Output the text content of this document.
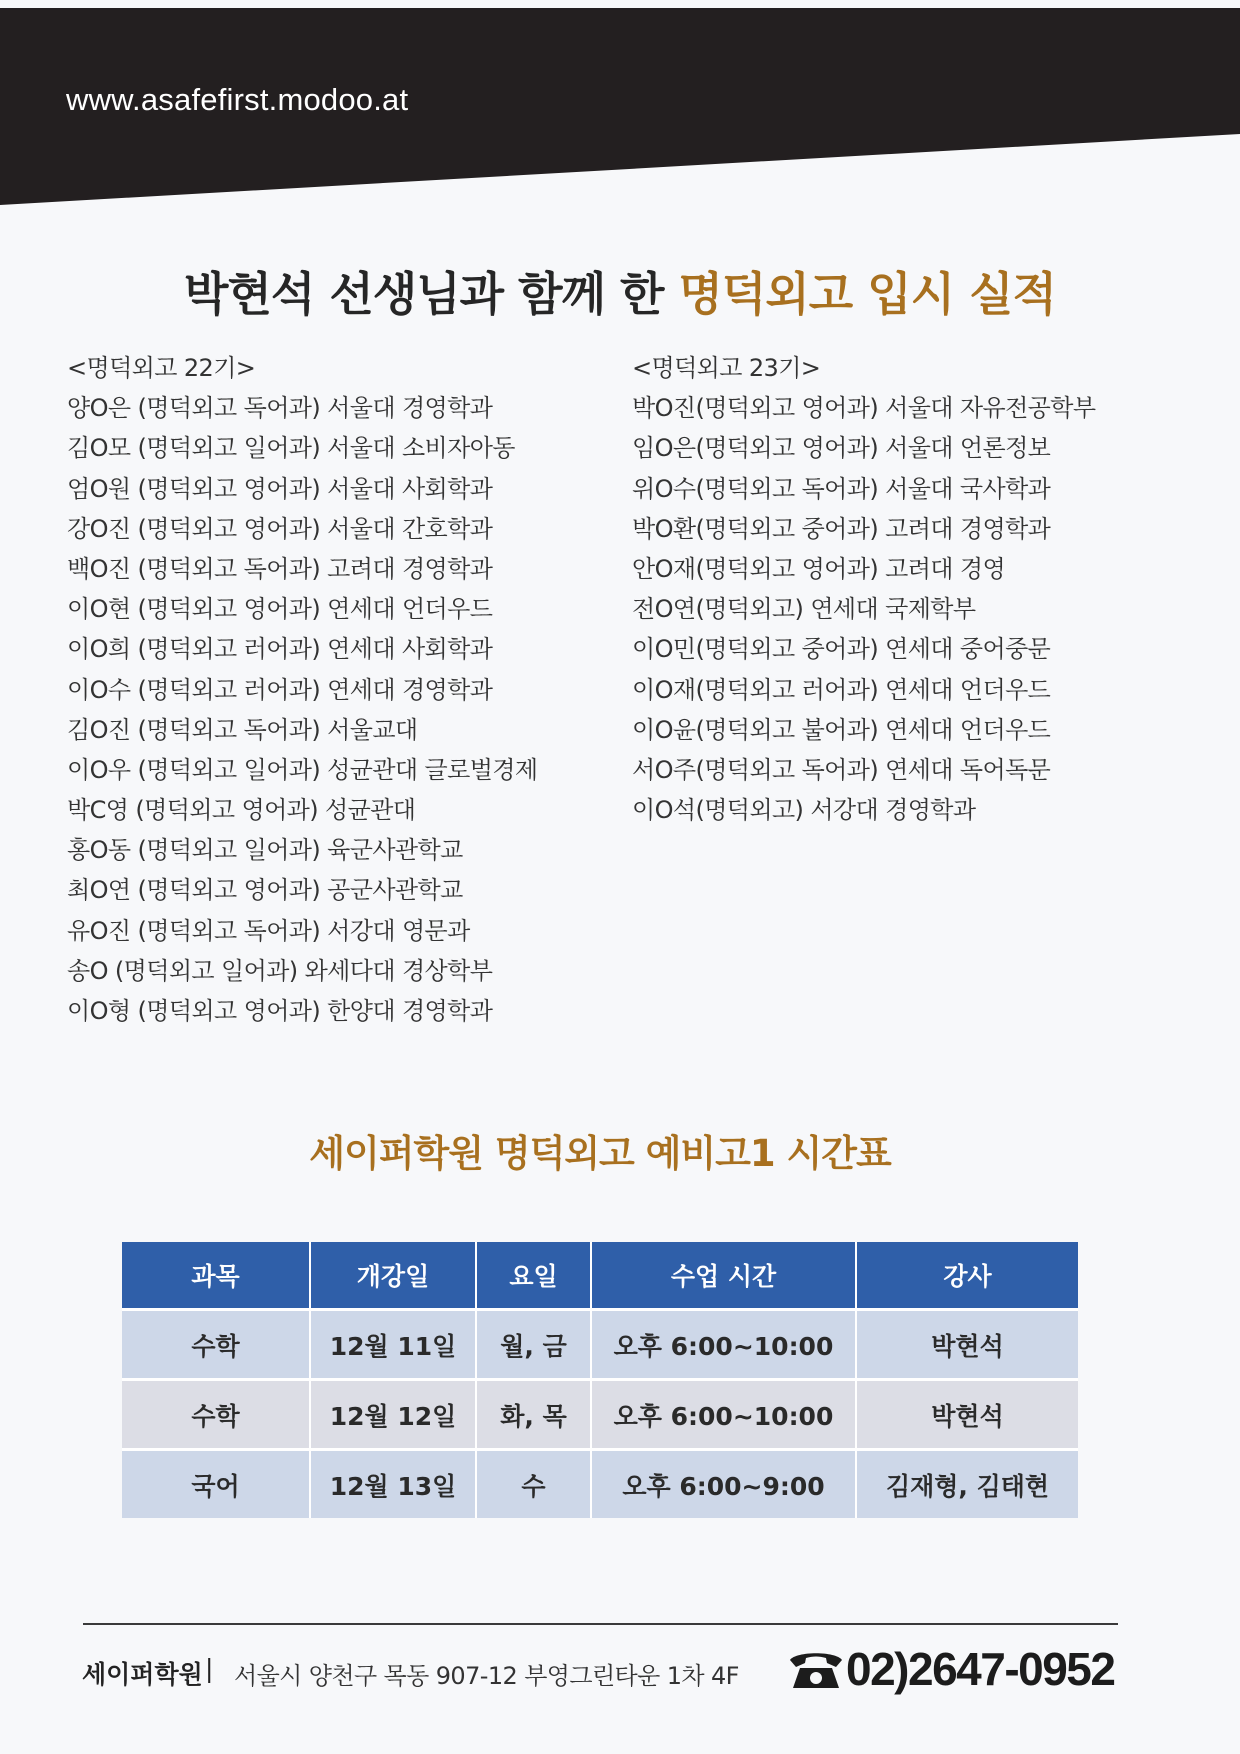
www.asafefirst.modoo.at
박현석 선생님과 함께 한 명덕외고 입시 실적
<명덕외고 22기>
양O은 (명덕외고 독어과) 서울대 경영학과
김O모 (명덕외고 일어과) 서울대 소비자아동
엄O원 (명덕외고 영어과) 서울대 사회학과
강O진 (명덕외고 영어과) 서울대 간호학과
백O진 (명덕외고 독어과) 고려대 경영학과
이O현 (명덕외고 영어과) 연세대 언더우드
이O희 (명덕외고 러어과) 연세대 사회학과
이O수 (명덕외고 러어과) 연세대 경영학과
김O진 (명덕외고 독어과) 서울교대
이O우 (명덕외고 일어과) 성균관대 글로벌경제
박C영 (명덕외고 영어과) 성균관대
홍O동 (명덕외고 일어과) 육군사관학교
최O연 (명덕외고 영어과) 공군사관학교
유O진 (명덕외고 독어과) 서강대 영문과
송O (명덕외고 일어과) 와세다대 경상학부
이O형 (명덕외고 영어과) 한양대 경영학과
<명덕외고 23기>
박O진(명덕외고 영어과) 서울대 자유전공학부
임O은(명덕외고 영어과) 서울대 언론정보
위O수(명덕외고 독어과) 서울대 국사학과
박O환(명덕외고 중어과) 고려대 경영학과
안O재(명덕외고 영어과) 고려대 경영
전O연(명덕외고) 연세대 국제학부
이O민(명덕외고 중어과) 연세대 중어중문
이O재(명덕외고 러어과) 연세대 언더우드
이O윤(명덕외고 불어과) 연세대 언더우드
서O주(명덕외고 독어과) 연세대 독어독문
이O석(명덕외고) 서강대 경영학과
세이퍼학원 명덕외고 예비고1 시간표
과목	개강일	요일	수업 시간	강사
수학	12월 11일	월, 금	오후 6:00~10:00	박현석
수학	12월 12일	화, 목	오후 6:00~10:00	박현석
국어	12월 13일	수	오후 6:00~9:00	김재형, 김태현
세이퍼학원 | 서울시 양천구 목동 907-12 부영그린타운 1차 4F 02)2647-0952
